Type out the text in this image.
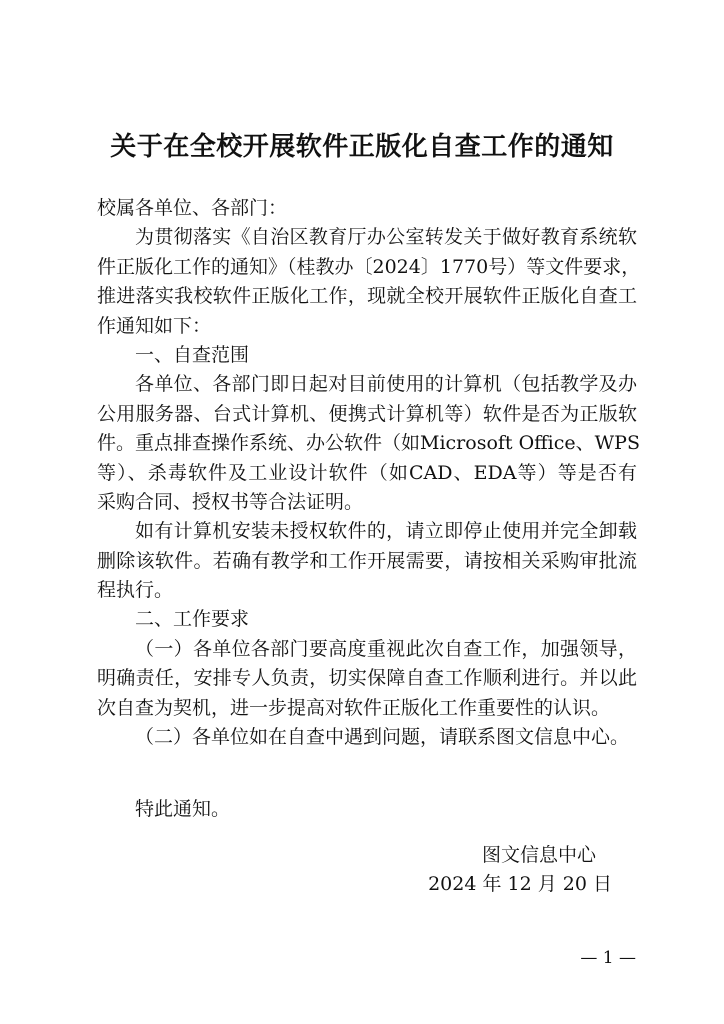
关于在全校开展软件正版化自查工作的通知
校属各单位、各部门：
为贯彻落实《自治区教育厅办公室转发关于做好教育系统软
件正版化工作的通知》（桂教办〔2024〕1770号）等文件要求，
推进落实我校软件正版化工作，现就全校开展软件正版化自查工
作通知如下：
一、自查范围
各单位、各部门即日起对目前使用的计算机（包括教学及办
公用服务器、台式计算机、便携式计算机等）软件是否为正版软
件。重点排查操作系统、办公软件（如Microsoft Office、WPS
等）、杀毒软件及工业设计软件（如CAD、EDA等）等是否有
采购合同、授权书等合法证明。
如有计算机安装未授权软件的，请立即停止使用并完全卸载
删除该软件。若确有教学和工作开展需要，请按相关采购审批流
程执行。
二、工作要求
（一）各单位各部门要高度重视此次自查工作，加强领导，
明确责任，安排专人负责，切实保障自查工作顺利进行。并以此
次自查为契机，进一步提高对软件正版化工作重要性的认识。
（二）各单位如在自查中遇到问题，请联系图文信息中心。
特此通知。
图文信息中心
2024 年 12 月 20 日
— 1 —
